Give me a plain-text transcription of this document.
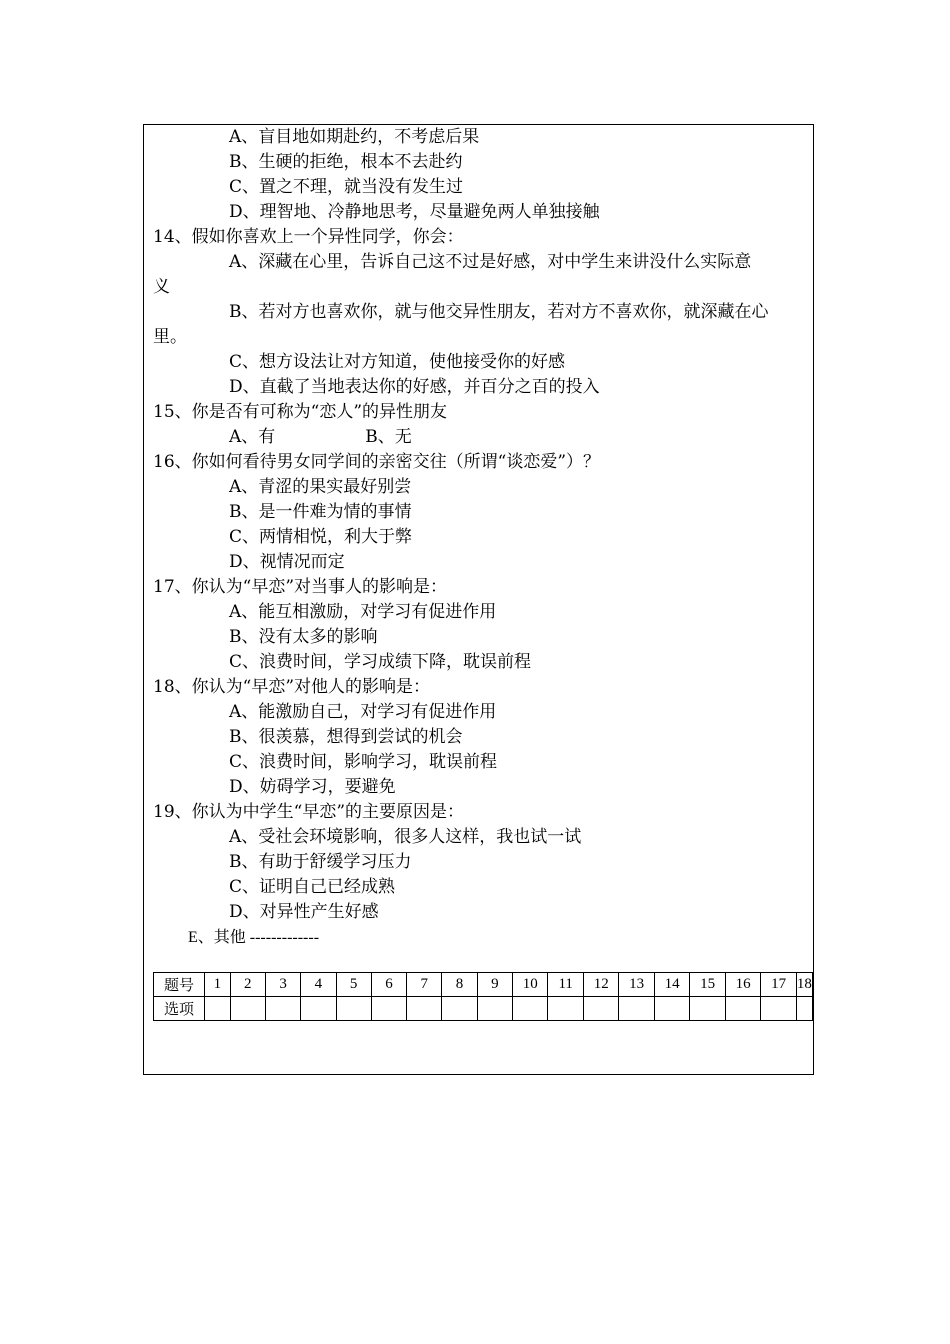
A、盲目地如期赴约，不考虑后果
B、生硬的拒绝，根本不去赴约
C、置之不理，就当没有发生过
D、理智地、冷静地思考，尽量避免两人单独接触
14、假如你喜欢上一个异性同学，你会：
A、深藏在心里，告诉自己这不过是好感，对中学生来讲没什么实际意
义
B、若对方也喜欢你，就与他交异性朋友，若对方不喜欢你，就深藏在心
里。
C、想方设法让对方知道，使他接受你的好感
D、直截了当地表达你的好感，并百分之百的投入
15、你是否有可称为“恋人”的异性朋友
A、有	B、无
16、你如何看待男女同学间的亲密交往（所谓“谈恋爱”）？
A、青涩的果实最好别尝
B、是一件难为情的事情
C、两情相悦，利大于弊
D、视情况而定
17、你认为“早恋”对当事人的影响是：
A、能互相激励，对学习有促进作用
B、没有太多的影响
C、浪费时间，学习成绩下降，耽误前程
18、你认为“早恋”对他人的影响是：
A、能激励自己，对学习有促进作用
B、很羡慕，想得到尝试的机会
C、浪费时间，影响学习，耽误前程
D、妨碍学习，要避免
19、你认为中学生“早恋”的主要原因是：
A、受社会环境影响，很多人这样，我也试一试
B、有助于舒缓学习压力
C、证明自己已经成熟
D、对异性产生好感
E、其他 -------------
题号	1	2	3	4	5	6	7	8	9	10	11	12	13	14	15	16	17	18
选项																		
